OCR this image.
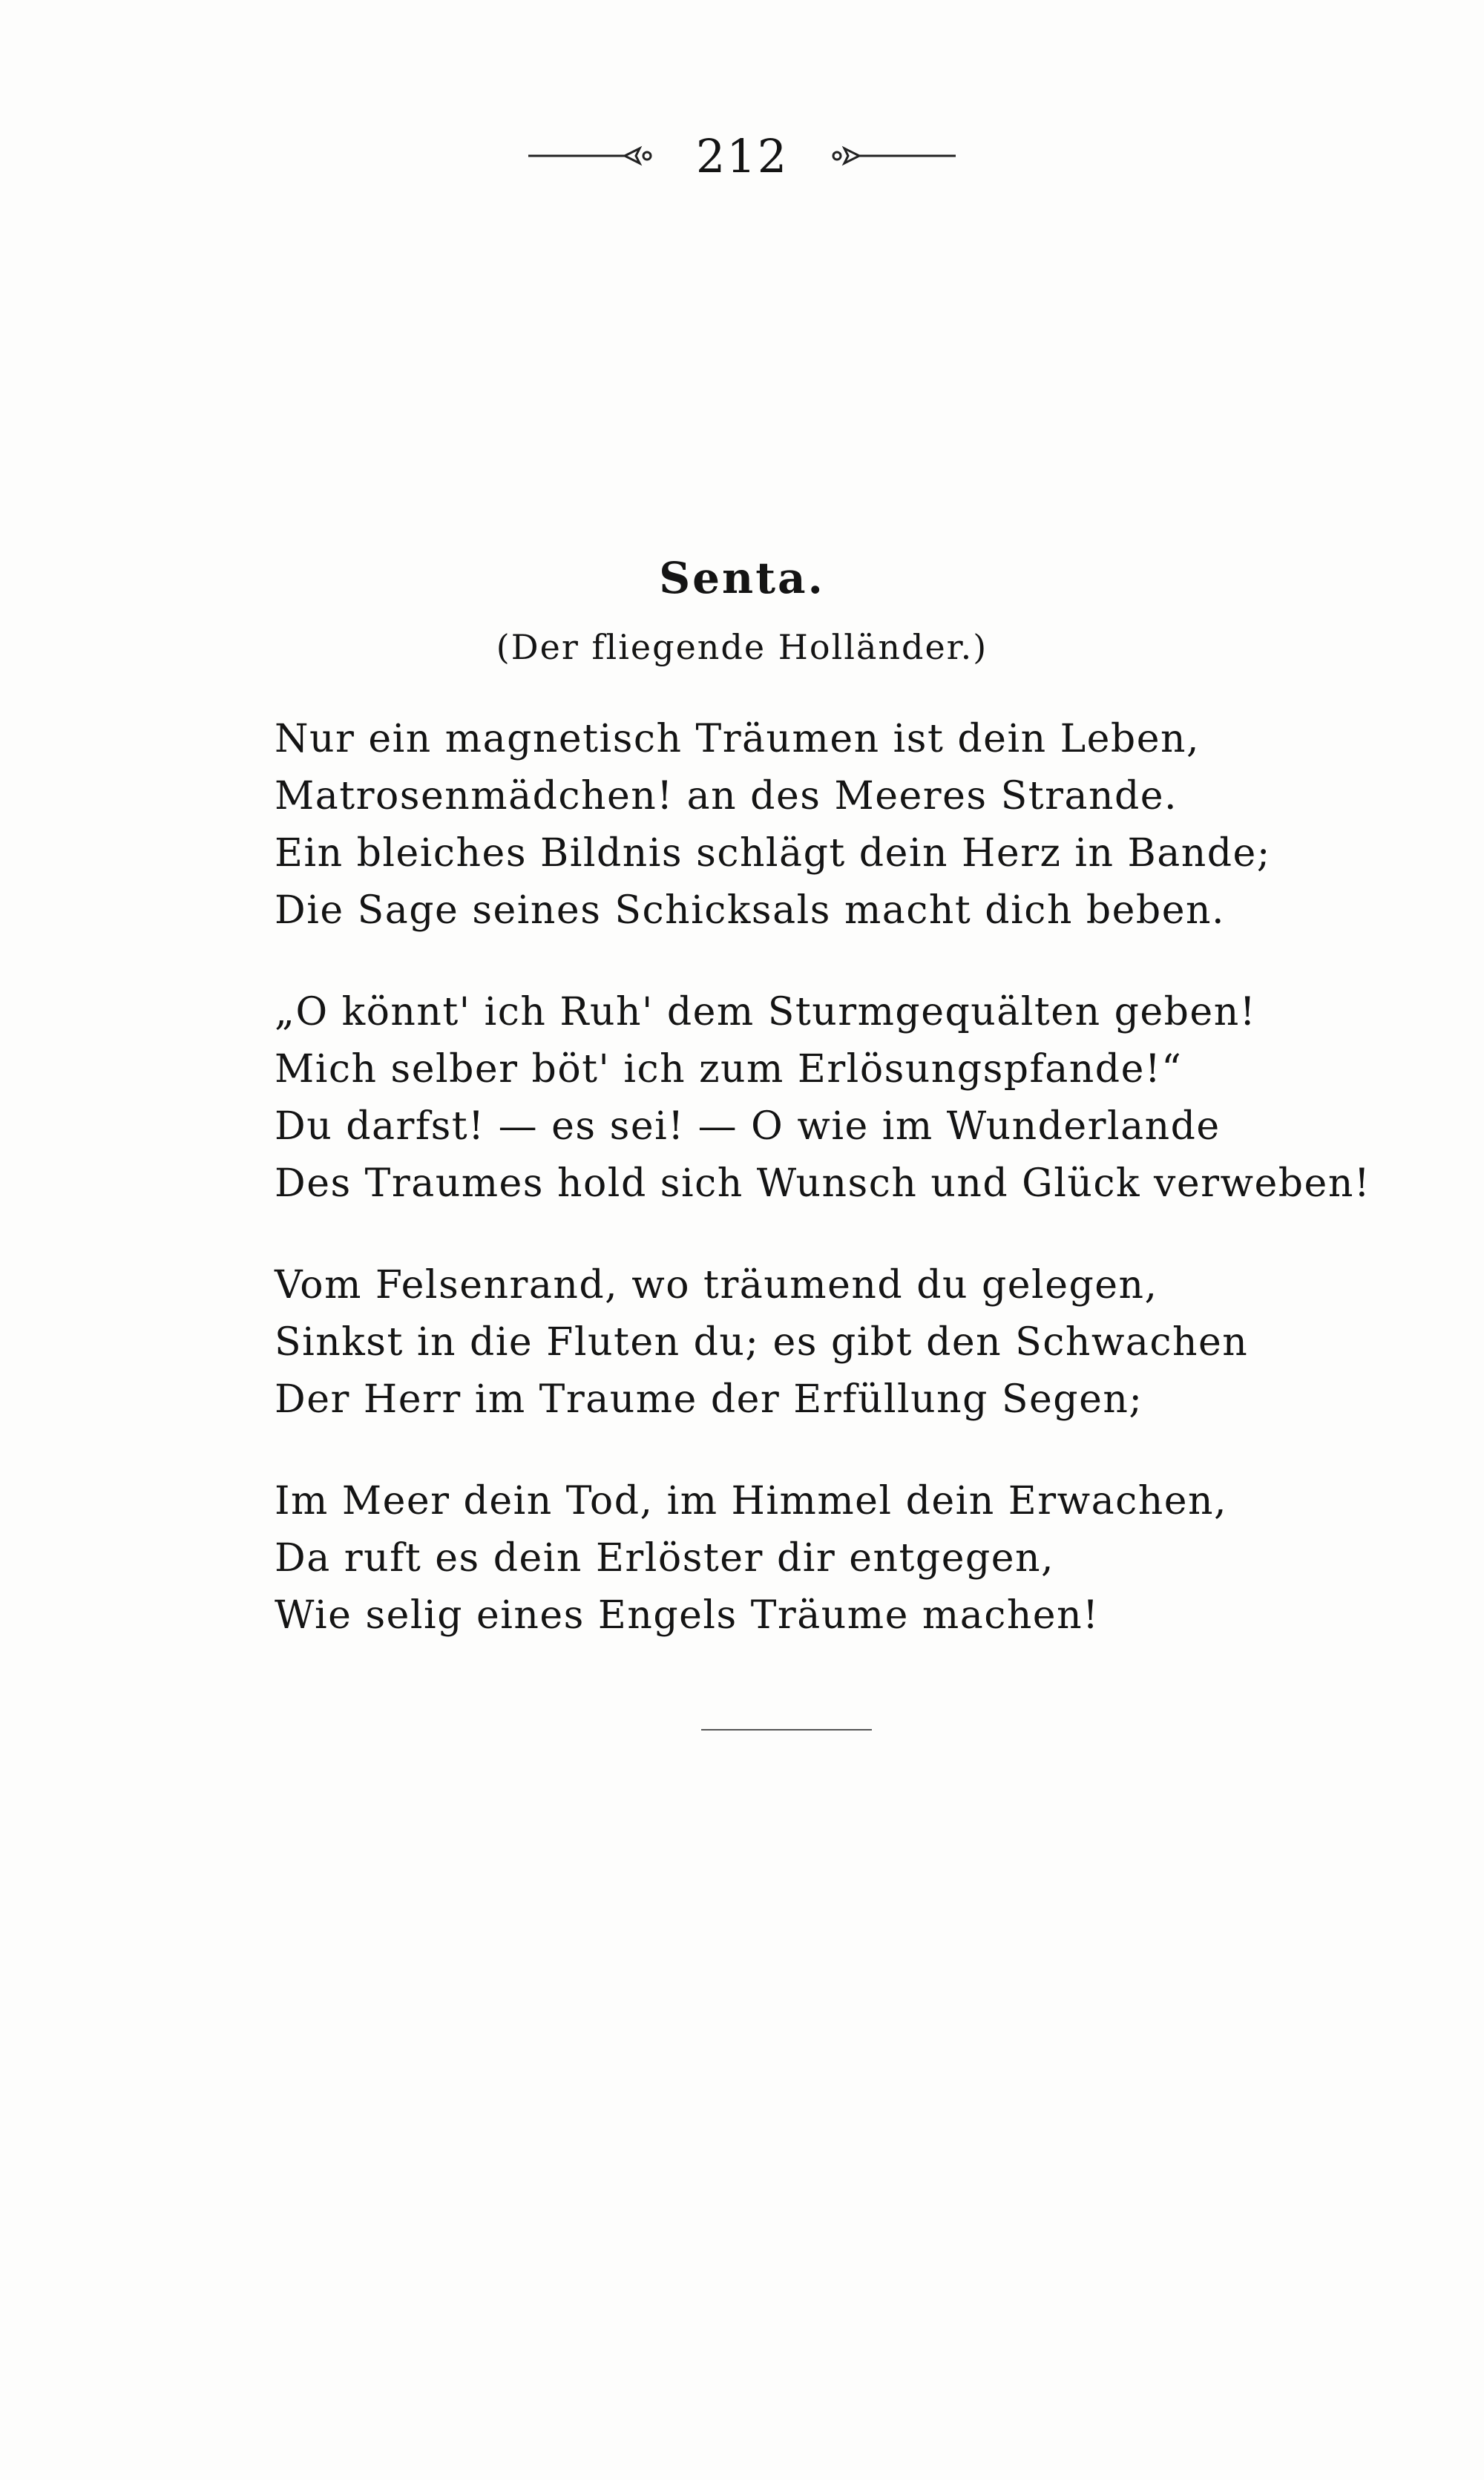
212
Senta.
(Der fliegende Holländer.)
Nur ein magnetisch Träumen ist dein Leben,
Matrosenmädchen! an des Meeres Strande.
Ein bleiches Bildnis schlägt dein Herz in Bande;
Die Sage seines Schicksals macht dich beben.
„O könnt' ich Ruh' dem Sturmgequälten geben!
Mich selber böt' ich zum Erlösungspfande!“
Du darfst! — es sei! — O wie im Wunderlande
Des Traumes hold sich Wunsch und Glück verweben!
Vom Felsenrand, wo träumend du gelegen,
Sinkst in die Fluten du; es gibt den Schwachen
Der Herr im Traume der Erfüllung Segen;
Im Meer dein Tod, im Himmel dein Erwachen,
Da ruft es dein Erlöster dir entgegen,
Wie selig eines Engels Träume machen!
